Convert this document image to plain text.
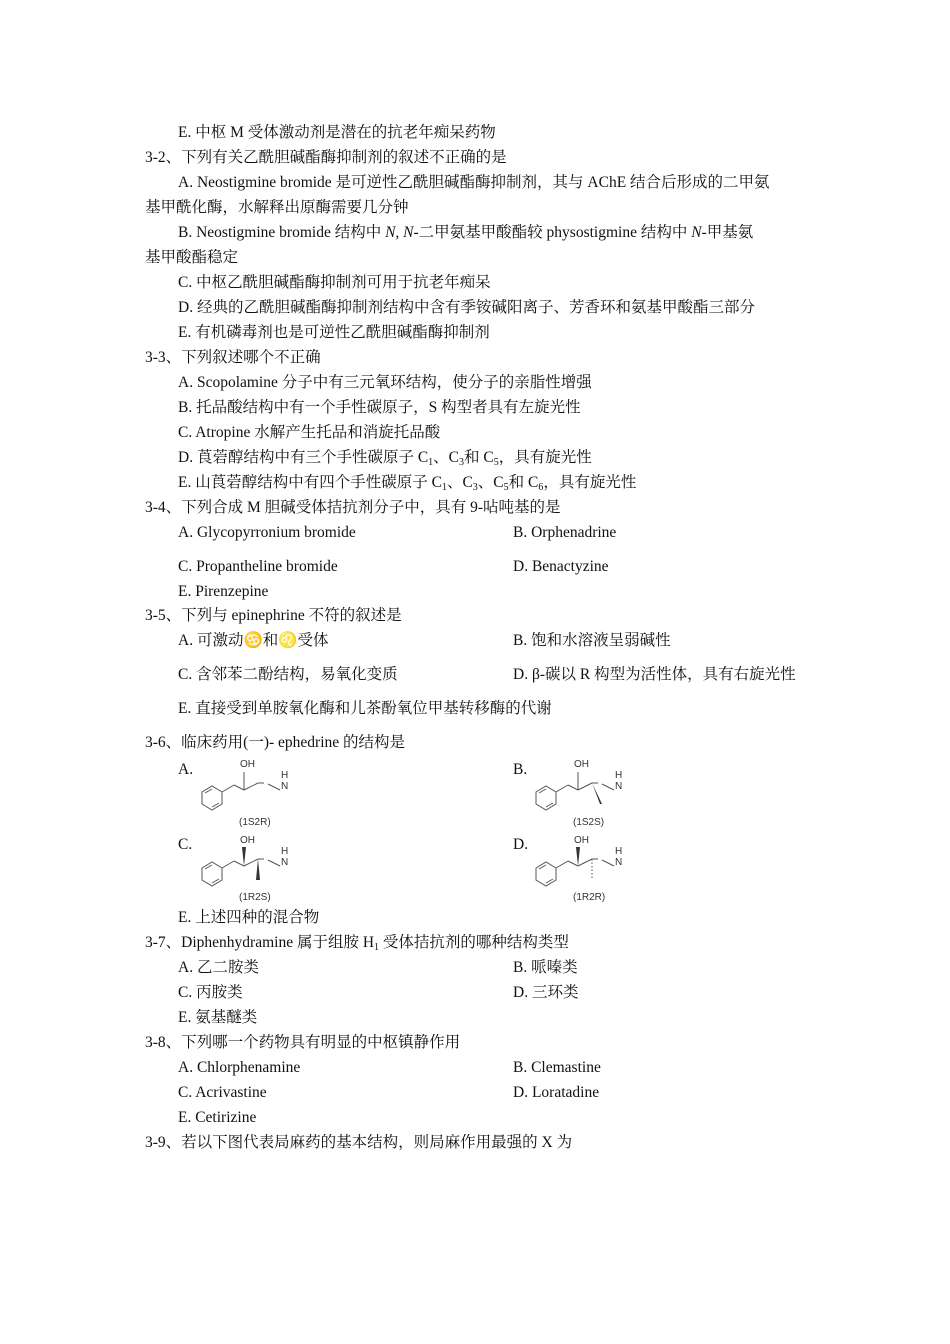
E. 中枢 M 受体激动剂是潜在的抗老年痴呆药物
3-2、下列有关乙酰胆碱酯酶抑制剂的叙述不正确的是
A. Neostigmine bromide 是可逆性乙酰胆碱酯酶抑制剂，其与 AChE 结合后形成的二甲氨
基甲酰化酶，水解释出原酶需要几分钟
B. Neostigmine bromide 结构中 N, N-二甲氨基甲酸酯较 physostigmine 结构中 N-甲基氨
基甲酸酯稳定
C. 中枢乙酰胆碱酯酶抑制剂可用于抗老年痴呆
D. 经典的乙酰胆碱酯酶抑制剂结构中含有季铵碱阳离子、芳香环和氨基甲酸酯三部分
E. 有机磷毒剂也是可逆性乙酰胆碱酯酶抑制剂
3-3、下列叙述哪个不正确
A. Scopolamine 分子中有三元氧环结构，使分子的亲脂性增强
B. 托品酸结构中有一个手性碳原子，S 构型者具有左旋光性
C. Atropine 水解产生托品和消旋托品酸
D. 莨菪醇结构中有三个手性碳原子 $C_1$、$C_3$和 $C_5$，具有旋光性
E. 山莨菪醇结构中有四个手性碳原子 $C_1$、$C_3$、$C_5$和 $C_6$，具有旋光性
3-4、下列合成 M 胆碱受体拮抗剂分子中，具有 9-呫吨基的是
A. Glycopyrronium bromide	B. Orphenadrine
C. Propantheline bromide	D. Benactyzine
E. Pirenzepine
3-5、下列与 epinephrine 不符的叙述是
A. 可激动♋和♌受体	B. 饱和水溶液呈弱碱性
C. 含邻苯二酚结构，易氧化变质	D. β-碳以 R 构型为活性体，具有右旋光性
E. 直接受到单胺氧化酶和儿茶酚氧位甲基转移酶的代谢
3-6、临床药用(一)- ephedrine 的结构是
A.	B.
C.	D.
OH
H
N
(1S2R)
OH
H
N
(1S2S)
OH
H
N
(1R2S)
OH
H
N
(1R2R)
E. 上述四种的混合物
3-7、Diphenhydramine 属于组胺 $H_1$ 受体拮抗剂的哪种结构类型
A. 乙二胺类	B. 哌嗪类
C. 丙胺类	D. 三环类
E. 氨基醚类
3-8、下列哪一个药物具有明显的中枢镇静作用
A. Chlorphenamine	B. Clemastine
C. Acrivastine	D. Loratadine
E. Cetirizine
3-9、若以下图代表局麻药的基本结构，则局麻作用最强的 X 为
